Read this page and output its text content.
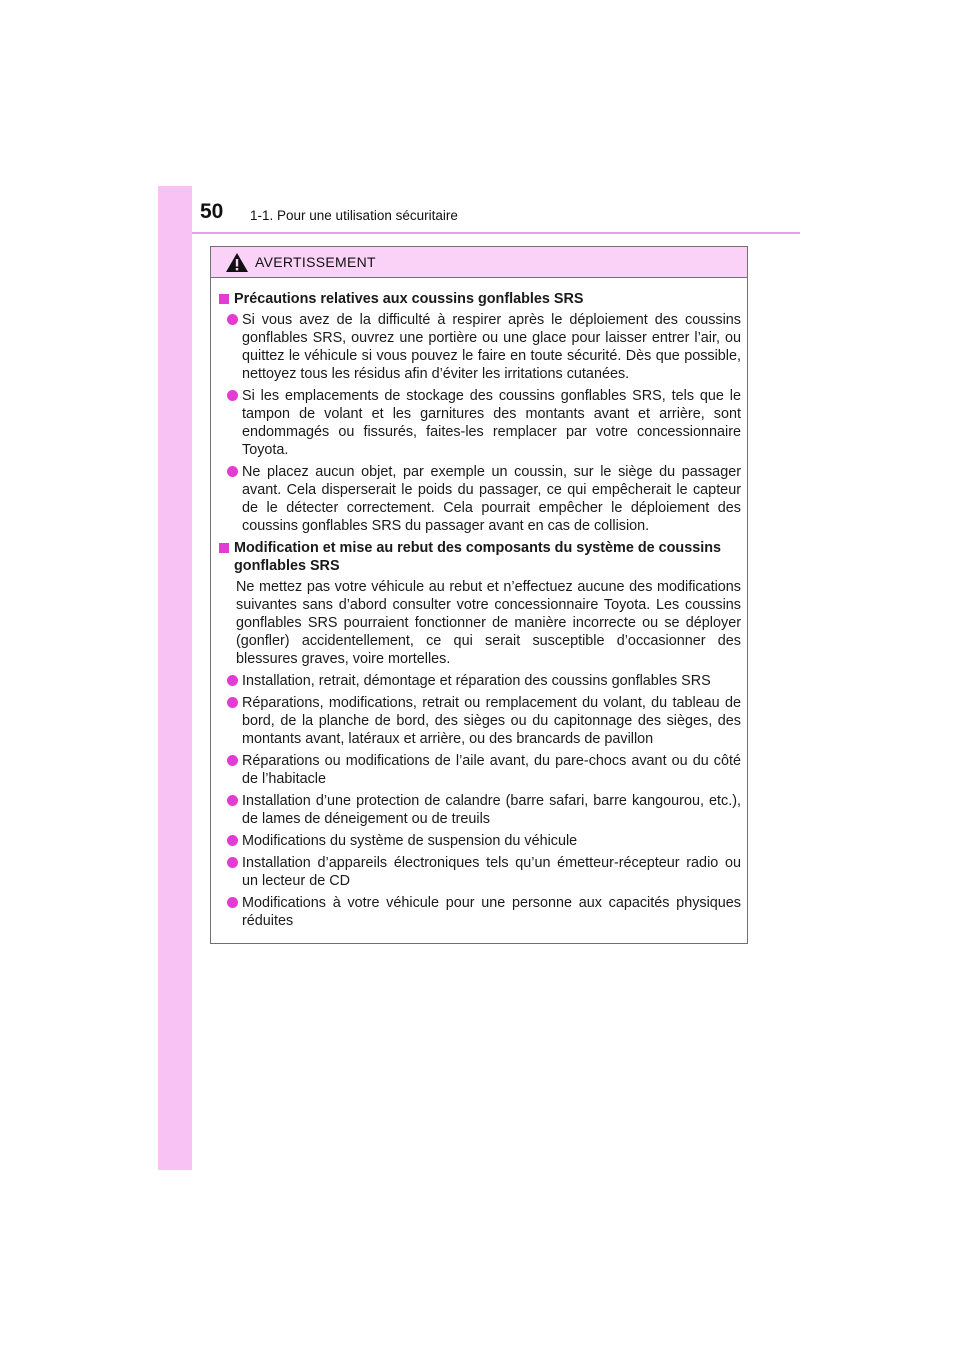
50 1-1. Pour une utilisation sécuritaire
AVERTISSEMENT
Précautions relatives aux coussins gonflables SRS
Si vous avez de la difficulté à respirer après le déploiement des coussins gonflables SRS, ouvrez une portière ou une glace pour laisser entrer l’air, ou quittez le véhicule si vous pouvez le faire en toute sécurité. Dès que possible, nettoyez tous les résidus afin d’éviter les irritations cutanées.
Si les emplacements de stockage des coussins gonflables SRS, tels que le tampon de volant et les garnitures des montants avant et arrière, sont endommagés ou fissurés, faites-les remplacer par votre concessionnaire Toyota.
Ne placez aucun objet, par exemple un coussin, sur le siège du passager avant. Cela disperserait le poids du passager, ce qui empêcherait le capteur de le détecter correctement. Cela pourrait empêcher le déploiement des coussins gonflables SRS du passager avant en cas de collision.
Modification et mise au rebut des composants du système de coussins gonflables SRS
Ne mettez pas votre véhicule au rebut et n’effectuez aucune des modifications suivantes sans d’abord consulter votre concessionnaire Toyota. Les coussins gonflables SRS pourraient fonctionner de manière incorrecte ou se déployer (gonfler) accidentellement, ce qui serait susceptible d’occasionner des blessures graves, voire mortelles.
Installation, retrait, démontage et réparation des coussins gonflables SRS
Réparations, modifications, retrait ou remplacement du volant, du tableau de bord, de la planche de bord, des sièges ou du capitonnage des sièges, des montants avant, latéraux et arrière, ou des brancards de pavillon
Réparations ou modifications de l’aile avant, du pare-chocs avant ou du côté de l’habitacle
Installation d’une protection de calandre (barre safari, barre kangourou, etc.), de lames de déneigement ou de treuils
Modifications du système de suspension du véhicule
Installation d’appareils électroniques tels qu’un émetteur-récepteur radio ou un lecteur de CD
Modifications à votre véhicule pour une personne aux capacités physiques réduites
